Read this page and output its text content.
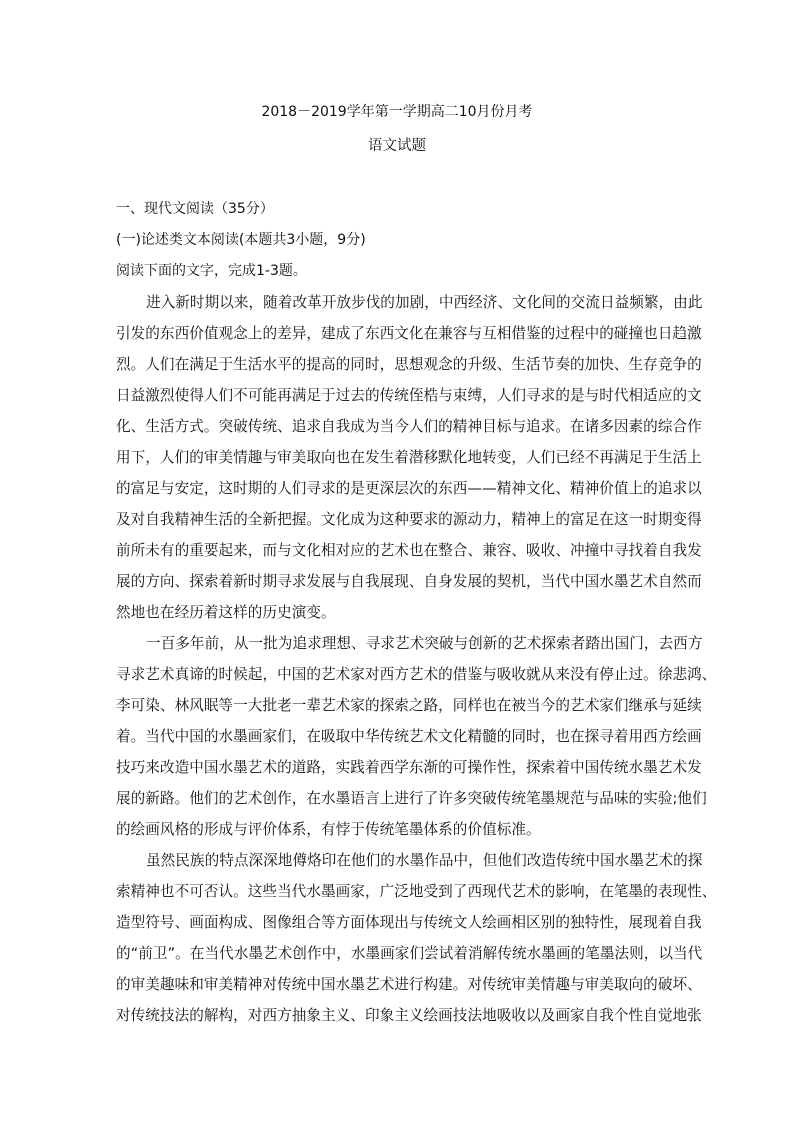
2018－2019学年第一学期高二10月份月考
语文试题
一、现代文阅读（35分）
(一)论述类文本阅读(本题共3小题，9分)
阅读下面的文字，完成1-3题。
进入新时期以来，随着改革开放步伐的加剧，中西经济、文化间的交流日益频繁，由此
引发的东西价值观念上的差异，建成了东西文化在兼容与互相借鉴的过程中的碰撞也日趋激
烈。人们在满足于生活水平的提高的同时，思想观念的升级、生活节奏的加快、生存竞争的
日益激烈使得人们不可能再满足于过去的传统侄梏与束缚，人们寻求的是与时代相适应的文
化、生活方式。突破传统、追求自我成为当今人们的精神目标与追求。在诸多因素的综合作
用下，人们的审美情趣与审美取向也在发生着潜移默化地转变，人们已经不再满足于生活上
的富足与安定，这时期的人们寻求的是更深层次的东西——精神文化、精神价值上的追求以
及对自我精神生活的全新把握。文化成为这种要求的源动力，精神上的富足在这一时期变得
前所未有的重要起来，而与文化相对应的艺术也在整合、兼容、吸收、冲撞中寻找着自我发
展的方向、探索着新时期寻求发展与自我展现、自身发展的契机，当代中国水墨艺术自然而
然地也在经历着这样的历史演变。
一百多年前，从一批为追求理想、寻求艺术突破与创新的艺术探索者踏出国门，去西方
寻求艺术真谛的时候起，中国的艺术家对西方艺术的借鉴与吸收就从来没有停止过。徐悲鸿、
李可染、林风眠等一大批老一辈艺术家的探索之路，同样也在被当今的艺术家们继承与延续
着。当代中国的水墨画家们，在吸取中华传统艺术文化精髓的同时，也在探寻着用西方绘画
技巧来改造中国水墨艺术的道路，实践着西学东渐的可操作性，探索着中国传统水墨艺术发
展的新路。他们的艺术创作，在水墨语言上进行了许多突破传统笔墨规范与品味的实验;他们
的绘画风格的形成与评价体系，有悖于传统笔墨体系的价值标准。
虽然民族的特点深深地僔烙印在他们的水墨作品中，但他们改造传统中国水墨艺术的探
索精神也不可否认。这些当代水墨画家，广泛地受到了西现代艺术的影响，在笔墨的表现性、
造型符号、画面构成、图像组合等方面体现出与传统文人绘画相区别的独特性，展现着自我
的“前卫”。在当代水墨艺术创作中，水墨画家们尝试着消解传统水墨画的笔墨法则，以当代
的审美趣味和审美精神对传统中国水墨艺术进行构建。对传统审美情趣与审美取向的破坏、
对传统技法的解构，对西方抽象主义、印象主义绘画技法地吸收以及画家自我个性自觉地张
